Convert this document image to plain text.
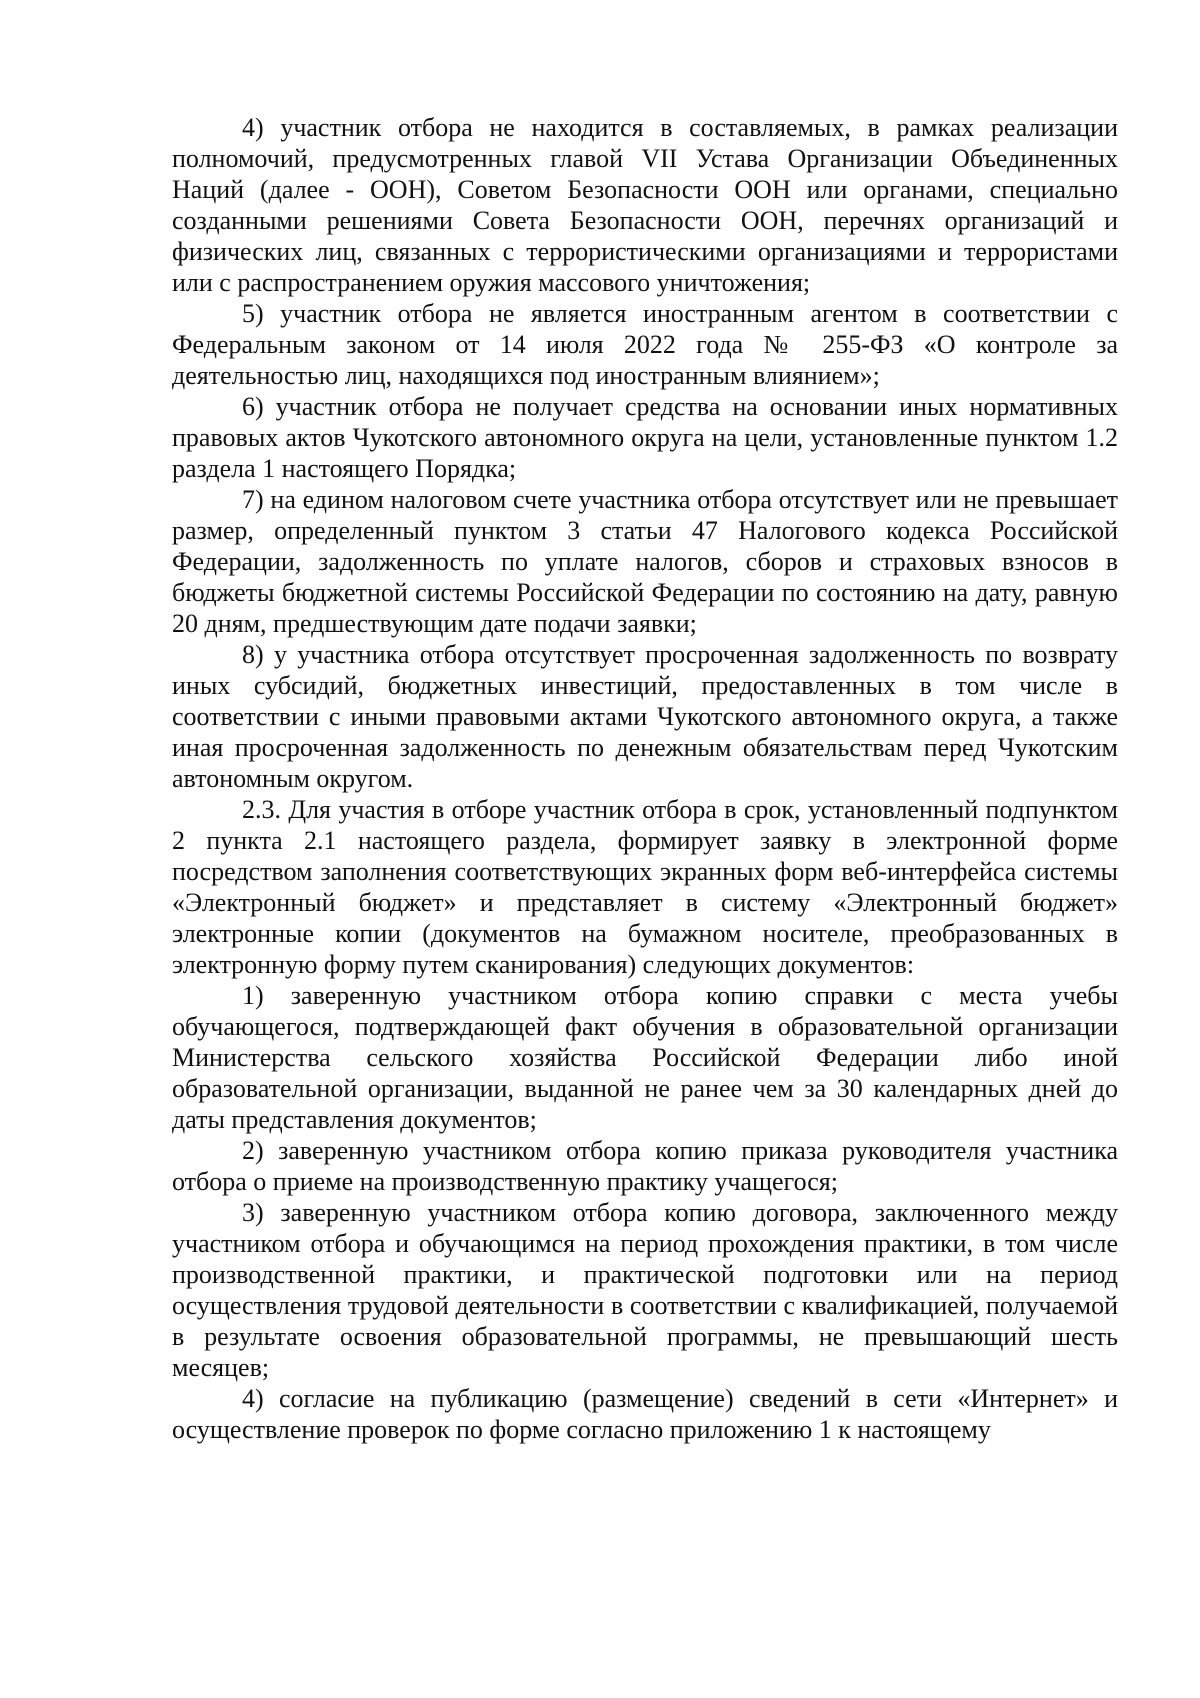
4) участник отбора не находится в составляемых, в рамках реализации полномочий, предусмотренных главой VII Устава Организации Объединенных Наций (далее - ООН), Советом Безопасности ООН или органами, специально созданными решениями Совета Безопасности ООН, перечнях организаций и физических лиц, связанных с террористическими организациями и террористами или с распространением оружия массового уничтожения;

5) участник отбора не является иностранным агентом в соответствии с Федеральным законом от 14 июля 2022 года № 255-ФЗ «О контроле за деятельностью лиц, находящихся под иностранным влиянием»;

6) участник отбора не получает средства на основании иных нормативных правовых актов Чукотского автономного округа на цели, установленные пунктом 1.2 раздела 1 настоящего Порядка;

7) на едином налоговом счете участника отбора отсутствует или не превышает размер, определенный пунктом 3 статьи 47 Налогового кодекса Российской Федерации, задолженность по уплате налогов, сборов и страховых взносов в бюджеты бюджетной системы Российской Федерации по состоянию на дату, равную 20 дням, предшествующим дате подачи заявки;

8) у участника отбора отсутствует просроченная задолженность по возврату иных субсидий, бюджетных инвестиций, предоставленных в том числе в соответствии с иными правовыми актами Чукотского автономного округа, а также иная просроченная задолженность по денежным обязательствам перед Чукотским автономным округом.

2.3. Для участия в отборе участник отбора в срок, установленный подпунктом 2 пункта 2.1 настоящего раздела, формирует заявку в электронной форме посредством заполнения соответствующих экранных форм веб-интерфейса системы «Электронный бюджет» и представляет в систему «Электронный бюджет» электронные копии (документов на бумажном носителе, преобразованных в электронную форму путем сканирования) следующих документов:

1) заверенную участником отбора копию справки с места учебы обучающегося, подтверждающей факт обучения в образовательной организации Министерства сельского хозяйства Российской Федерации либо иной образовательной организации, выданной не ранее чем за 30 календарных дней до даты представления документов;

2) заверенную участником отбора копию приказа руководителя участника отбора о приеме на производственную практику учащегося;

3) заверенную участником отбора копию договора, заключенного между участником отбора и обучающимся на период прохождения практики, в том числе производственной практики, и практической подготовки или на период осуществления трудовой деятельности в соответствии с квалификацией, получаемой в результате освоения образовательной программы, не превышающий шесть месяцев;

4) согласие на публикацию (размещение) сведений в сети «Интернет» и осуществление проверок по форме согласно приложению 1 к настоящему
